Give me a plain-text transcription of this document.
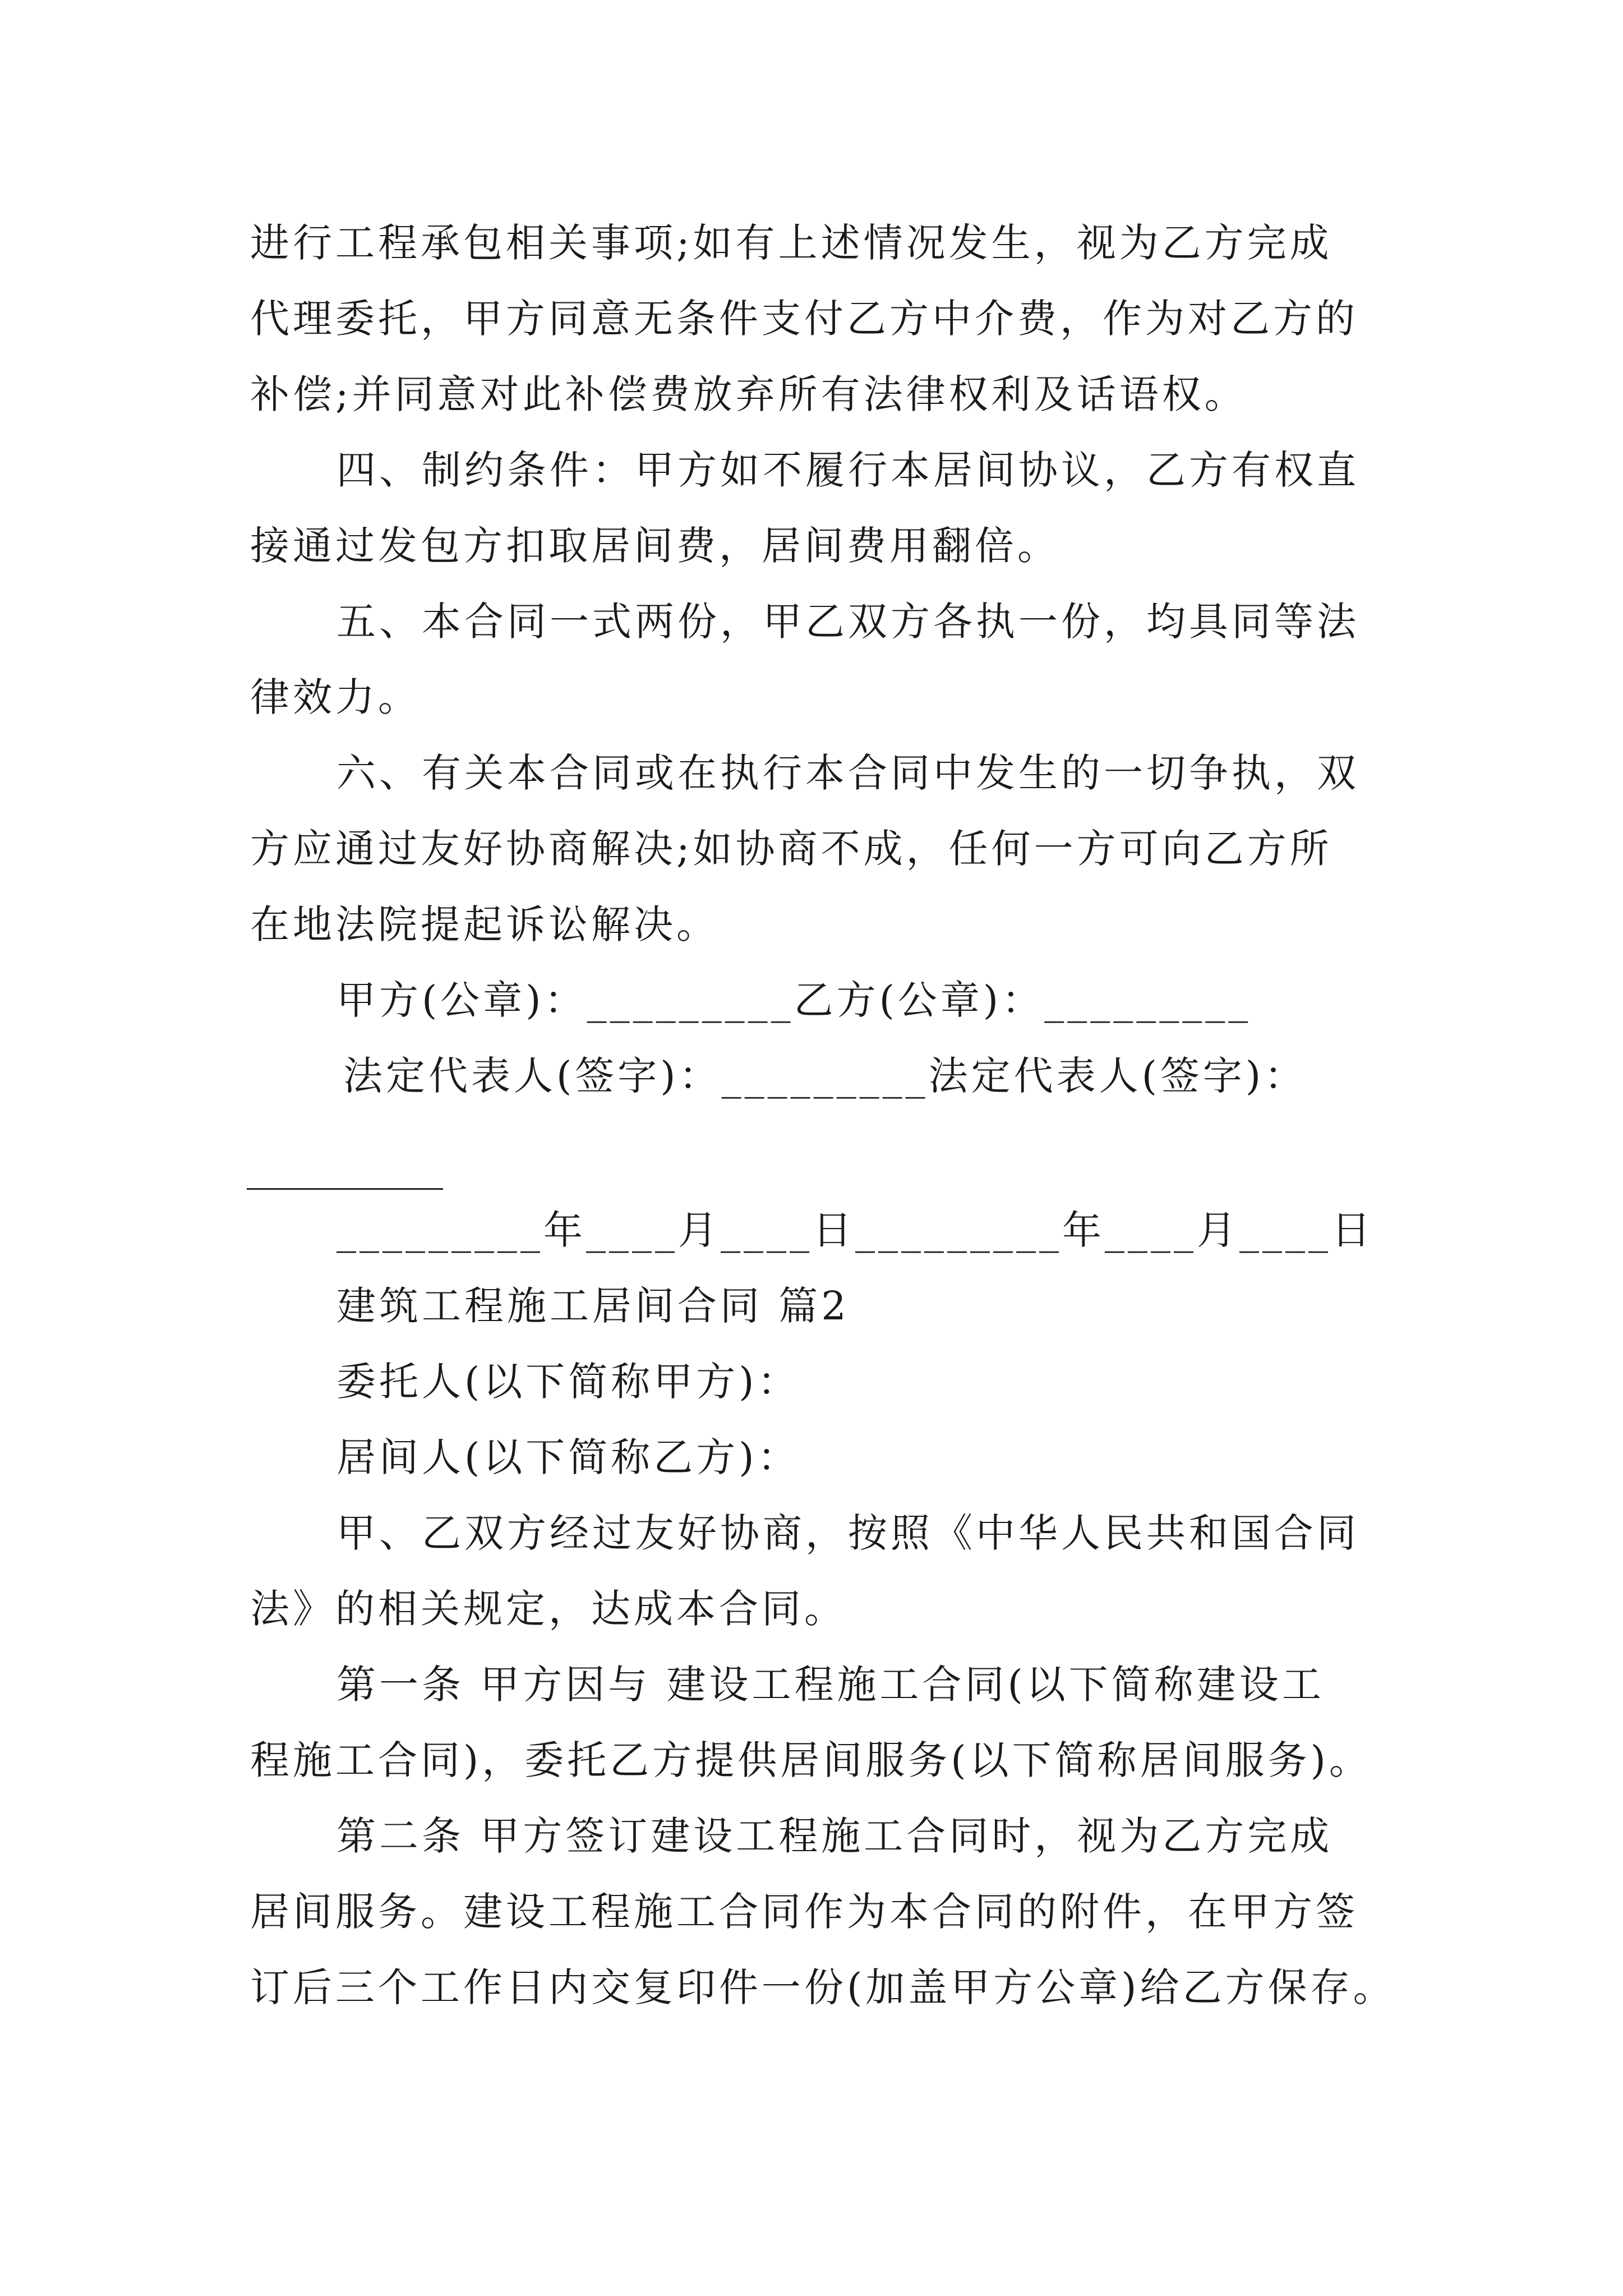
进行工程承包相关事项;如有上述情况发生，视为乙方完成
代理委托，甲方同意无条件支付乙方中介费，作为对乙方的
补偿;并同意对此补偿费放弃所有法律权利及话语权。
四、制约条件：甲方如不履行本居间协议，乙方有权直
接通过发包方扣取居间费，居间费用翻倍。
五、本合同一式两份，甲乙双方各执一份，均具同等法
律效力。
六、有关本合同或在执行本合同中发生的一切争执，双
方应通过友好协商解决;如协商不成，任何一方可向乙方所
在地法院提起诉讼解决。
甲方(公章)：_________乙方(公章)：_________
法定代表人(签字)：_________法定代表人(签字)：
_________年____月____日_________年____月____日
建筑工程施工居间合同 篇2
委托人(以下简称甲方)：
居间人(以下简称乙方)：
甲、乙双方经过友好协商，按照《中华人民共和国合同
法》的相关规定，达成本合同。
第一条 甲方因与 建设工程施工合同(以下简称建设工
程施工合同)，委托乙方提供居间服务(以下简称居间服务)。
第二条 甲方签订建设工程施工合同时，视为乙方完成
居间服务。建设工程施工合同作为本合同的附件，在甲方签
订后三个工作日内交复印件一份(加盖甲方公章)给乙方保存。
